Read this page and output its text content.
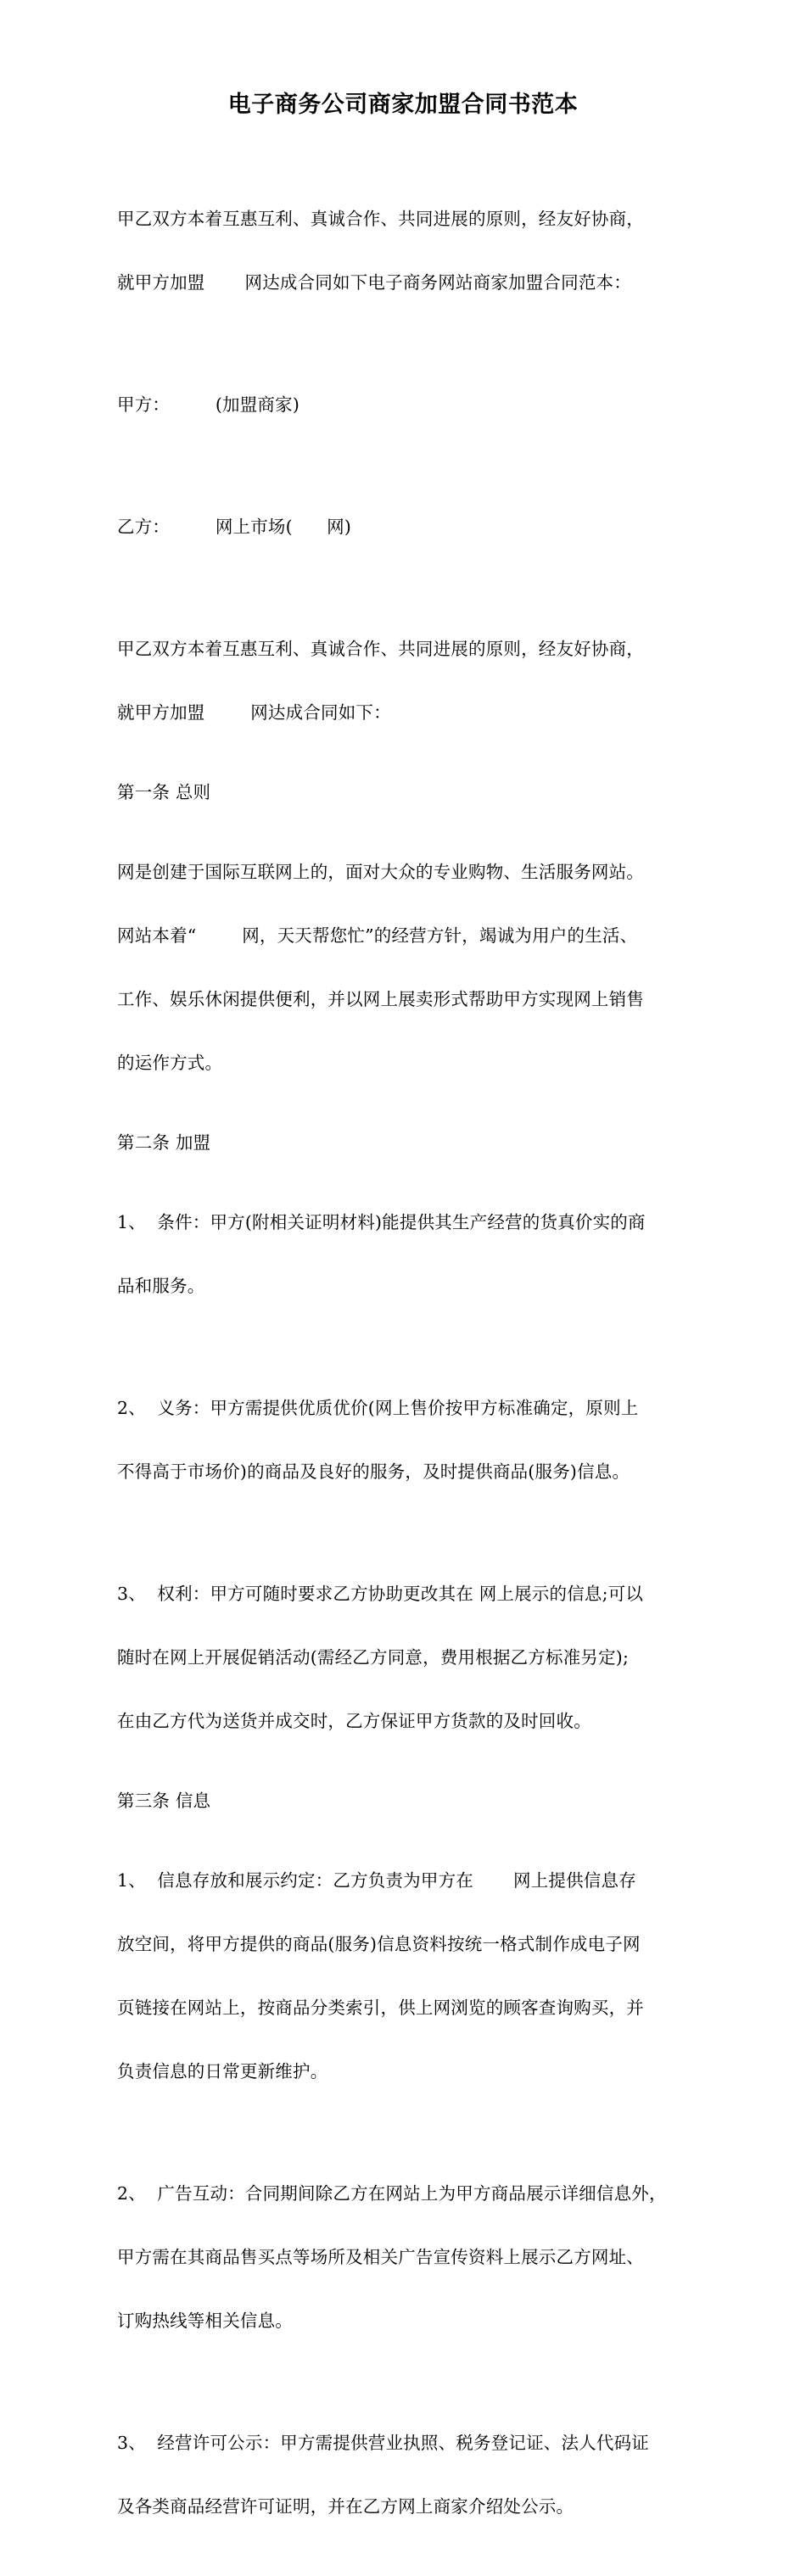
电子商务公司商家加盟合同书范本

甲乙双方本着互惠互利、真诚合作、共同进展的原则，经友好协商，

就甲方加盟       网达成合同如下电子商务网站商家加盟合同范本：

甲方：        (加盟商家)

乙方：        网上市场(      网)

甲乙双方本着互惠互利、真诚合作、共同进展的原则，经友好协商，

就甲方加盟        网达成合同如下：

第一条 总则

网是创建于国际互联网上的，面对大众的专业购物、生活服务网站。

网站本着“        网，天天帮您忙”的经营方针，竭诚为用户的生活、

工作、娱乐休闲提供便利，并以网上展卖形式帮助甲方实现网上销售

的运作方式。

第二条 加盟

1、  条件：甲方(附相关证明材料)能提供其生产经营的货真价实的商

品和服务。

2、  义务：甲方需提供优质优价(网上售价按甲方标准确定，原则上

不得高于市场价)的商品及良好的服务，及时提供商品(服务)信息。

3、  权利：甲方可随时要求乙方协助更改其在 网上展示的信息;可以

随时在网上开展促销活动(需经乙方同意，费用根据乙方标准另定);

在由乙方代为送货并成交时，乙方保证甲方货款的及时回收。

第三条 信息

1、  信息存放和展示约定：乙方负责为甲方在       网上提供信息存

放空间，将甲方提供的商品(服务)信息资料按统一格式制作成电子网

页链接在网站上，按商品分类索引，供上网浏览的顾客查询购买，并

负责信息的日常更新维护。

2、  广告互动：合同期间除乙方在网站上为甲方商品展示详细信息外，

甲方需在其商品售买点等场所及相关广告宣传资料上展示乙方网址、

订购热线等相关信息。

3、  经营许可公示：甲方需提供营业执照、税务登记证、法人代码证

及各类商品经营许可证明，并在乙方网上商家介绍处公示。
